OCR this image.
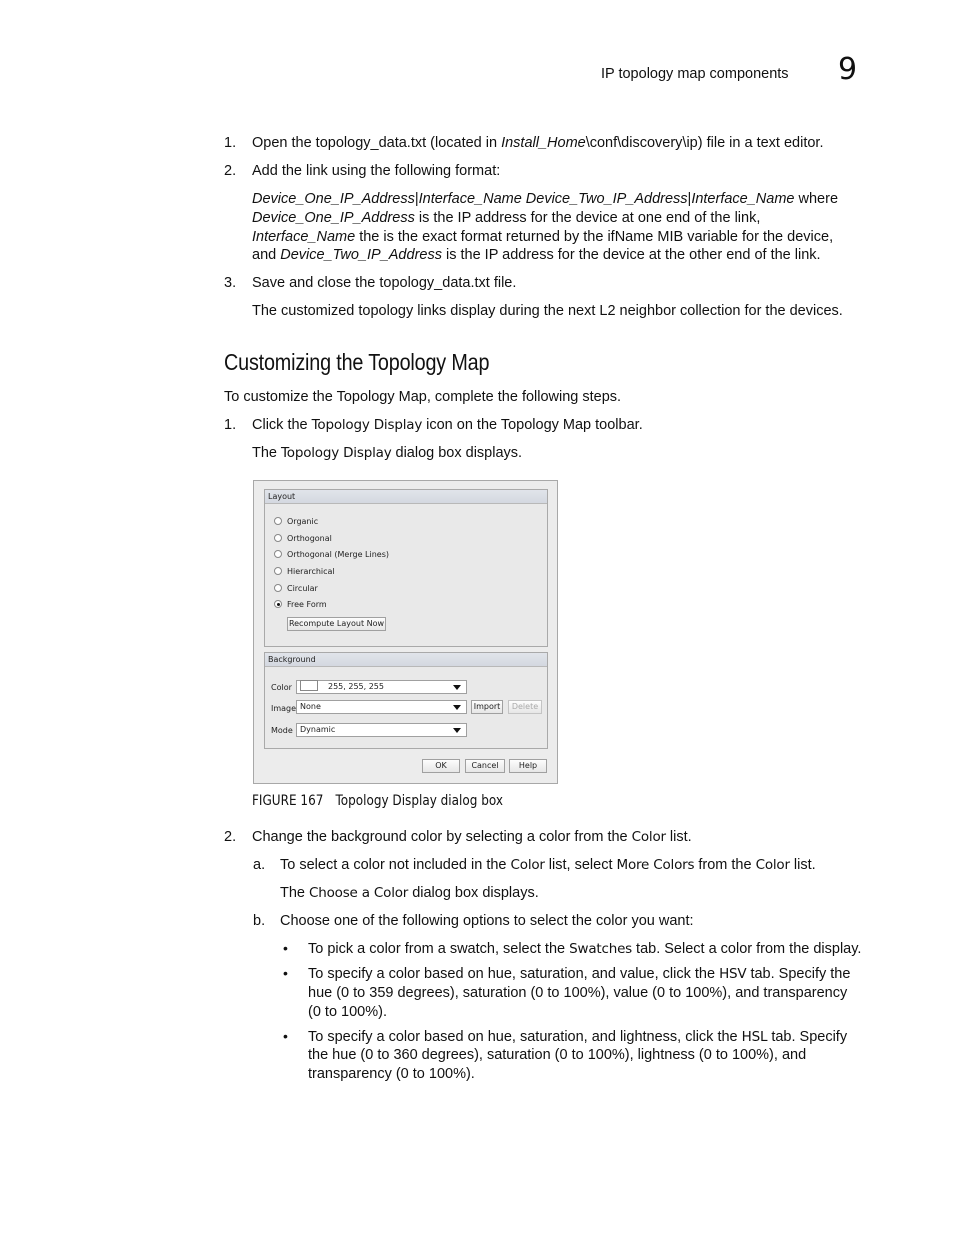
IP topology map components 9
1. Open the topology_data.txt (located in Install_Home\conf\discovery\ip) file in a text editor.
2. Add the link using the following format:
Device_One_IP_Address|Interface_Name Device_Two_IP_Address|Interface_Name where
Device_One_IP_Address is the IP address for the device at one end of the link,
Interface_Name the is the exact format returned by the ifName MIB variable for the device,
and Device_Two_IP_Address is the IP address for the device at the other end of the link.
3. Save and close the topology_data.txt file.
The customized topology links display during the next L2 neighbor collection for the devices.
Customizing the Topology Map
To customize the Topology Map, complete the following steps.
1. Click the Topology Display icon on the Topology Map toolbar.
The Topology Display dialog box displays.
Layout
Organic
Orthogonal
Orthogonal (Merge Lines)
Hierarchical
Circular
Free Form
Recompute Layout Now
Background
Color	255, 255, 255
Image None	Import	Delete
Mode Dynamic
OK	Cancel	Help
FIGURE 167 Topology Display dialog box
2. Change the background color by selecting a color from the Color list.
a. To select a color not included in the Color list, select More Colors from the Color list.
The Choose a Color dialog box displays.
b. Choose one of the following options to select the color you want:
• To pick a color from a swatch, select the Swatches tab. Select a color from the display.
• To specify a color based on hue, saturation, and value, click the HSV tab. Specify the
hue (0 to 359 degrees), saturation (0 to 100%), value (0 to 100%), and transparency
(0 to 100%).
• To specify a color based on hue, saturation, and lightness, click the HSL tab. Specify
the hue (0 to 360 degrees), saturation (0 to 100%), lightness (0 to 100%), and
transparency (0 to 100%).
